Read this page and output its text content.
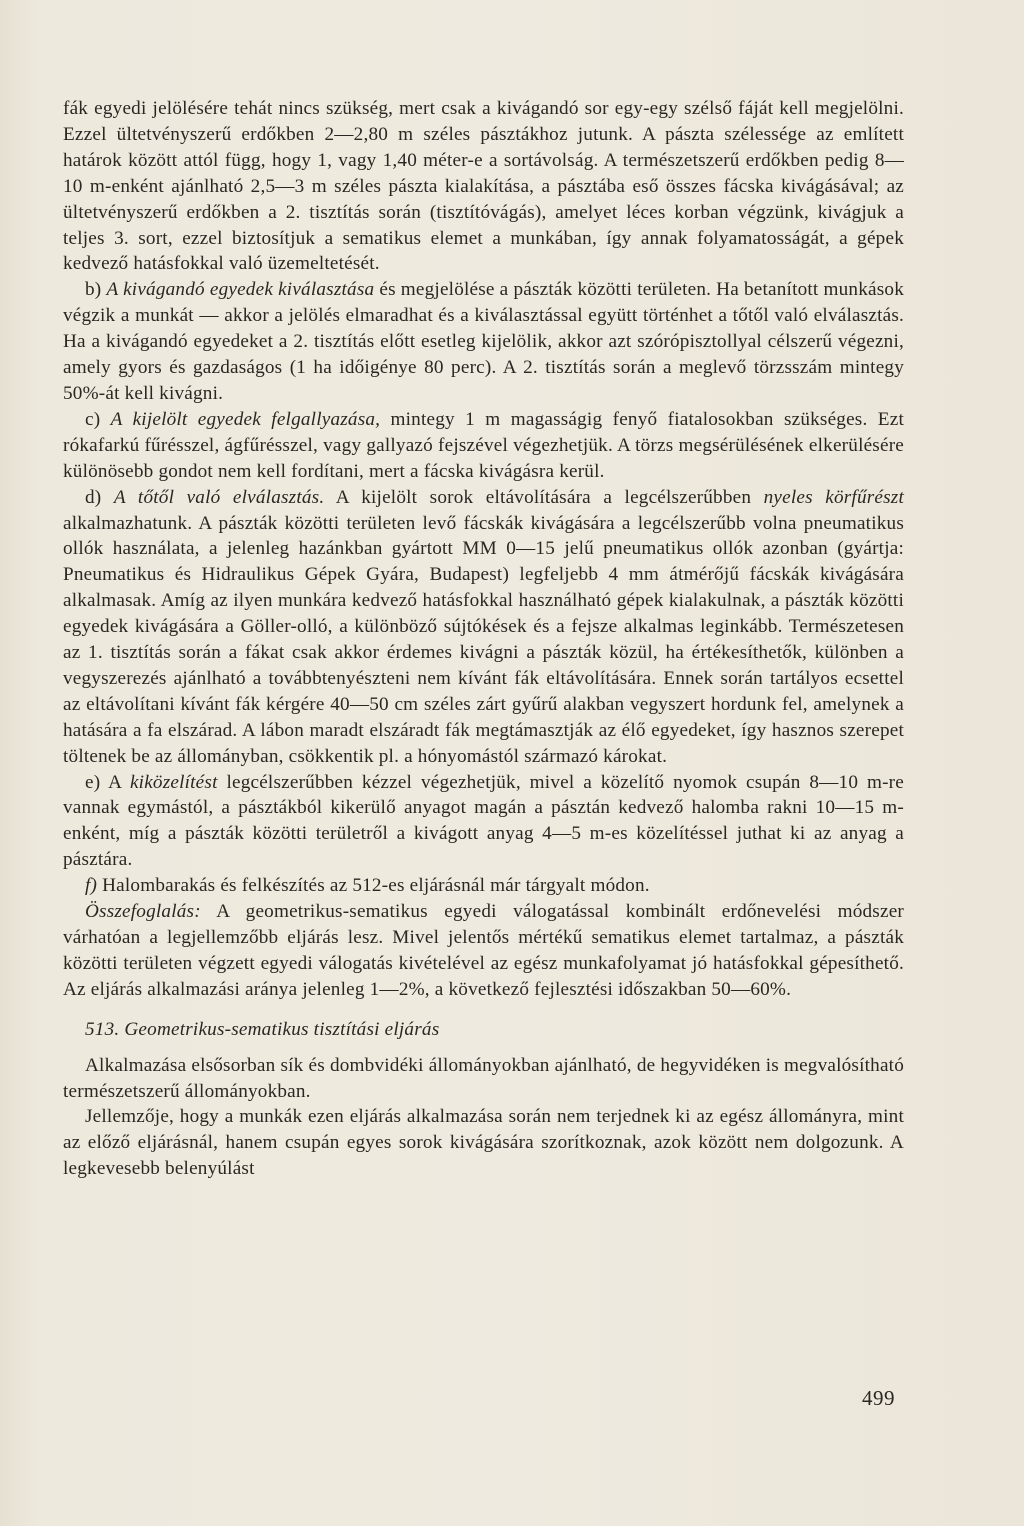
fák egyedi jelölésére tehát nincs szükség, mert csak a kivágandó sor egy-egy szélső fáját kell megjelölni. Ezzel ültetvényszerű erdőkben 2—2,80 m széles pásztákhoz jutunk. A pászta szélessége az említett határok között attól függ, hogy 1, vagy 1,40 méter-e a sortávolság. A természetszerű erdőkben pedig 8—10 m-enként ajánlható 2,5—3 m széles pászta kialakítása, a pásztába eső összes fácska kivágásával; az ültetvényszerű erdőkben a 2. tisztítás során (tisztítóvágás), amelyet léces korban végzünk, kivágjuk a teljes 3. sort, ezzel biztosítjuk a sematikus elemet a munkában, így annak folyamatosságát, a gépek kedvező hatásfokkal való üzemeltetését.

b) A kivágandó egyedek kiválasztása és megjelölése a pászták közötti területen. Ha betanított munkások végzik a munkát — akkor a jelölés elmaradhat és a kiválasztással együtt történhet a tőtől való elválasztás. Ha a kivágandó egyedeket a 2. tisztítás előtt esetleg kijelölik, akkor azt szórópisztollyal célszerű végezni, amely gyors és gazdaságos (1 ha időigénye 80 perc). A 2. tisztítás során a meglevő törzsszám mintegy 50%-át kell kivágni.

c) A kijelölt egyedek felgallyazása, mintegy 1 m magasságig fenyő fiatalosokban szükséges. Ezt rókafarkú fűrésszel, ágfűrésszel, vagy gallyazó fejszével végezhetjük. A törzs megsérülésének elkerülésére különösebb gondot nem kell fordítani, mert a fácska kivágásra kerül.

d) A tőtől való elválasztás. A kijelölt sorok eltávolítására a legcélszerűbben nyeles körfűrészt alkalmazhatunk. A pászták közötti területen levő fácskák kivágására a legcélszerűbb volna pneumatikus ollók használata, a jelenleg hazánkban gyártott MM 0—15 jelű pneumatikus ollók azonban (gyártja: Pneumatikus és Hidraulikus Gépek Gyára, Budapest) legfeljebb 4 mm átmérőjű fácskák kivágására alkalmasak. Amíg az ilyen munkára kedvező hatásfokkal használható gépek kialakulnak, a pászták közötti egyedek kivágására a Göller-olló, a különböző sújtókések és a fejsze alkalmas leginkább. Természetesen az 1. tisztítás során a fákat csak akkor érdemes kivágni a pászták közül, ha értékesíthetők, különben a vegyszerezés ajánlható a továbbtenyészteni nem kívánt fák eltávolítására. Ennek során tartályos ecsettel az eltávolítani kívánt fák kérgére 40—50 cm széles zárt gyűrű alakban vegyszert hordunk fel, amelynek a hatására a fa elszárad. A lábon maradt elszáradt fák megtámasztják az élő egyedeket, így hasznos szerepet töltenek be az állományban, csökkentik pl. a hónyomástól származó károkat.

e) A kiközelítést legcélszerűbben kézzel végezhetjük, mivel a közelítő nyomok csupán 8—10 m-re vannak egymástól, a pásztákból kikerülő anyagot magán a pásztán kedvező halomba rakni 10—15 m-enként, míg a pászták közötti területről a kivágott anyag 4—5 m-es közelítéssel juthat ki az anyag a pásztára.

f) Halombarakás és felkészítés az 512-es eljárásnál már tárgyalt módon.

Összefoglalás: A geometrikus-sematikus egyedi válogatással kombinált erdőnevelési módszer várhatóan a legjellemzőbb eljárás lesz. Mivel jelentős mértékű sematikus elemet tartalmaz, a pászták közötti területen végzett egyedi válogatás kivételével az egész munkafolyamat jó hatásfokkal gépesíthető. Az eljárás alkalmazási aránya jelenleg 1—2%, a következő fejlesztési időszakban 50—60%.

513. Geometrikus-sematikus tisztítási eljárás

Alkalmazása elsősorban sík és dombvidéki állományokban ajánlható, de hegyvidéken is megvalósítható természetszerű állományokban.

Jellemzője, hogy a munkák ezen eljárás alkalmazása során nem terjednek ki az egész állományra, mint az előző eljárásnál, hanem csupán egyes sorok kivágására szorítkoznak, azok között nem dolgozunk. A legkevesebb belenyúlást

499
